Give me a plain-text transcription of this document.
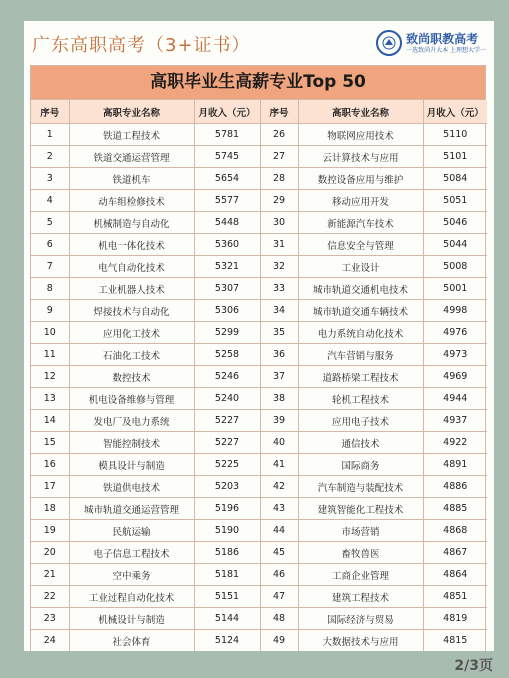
广东高职高考（3+证书）	致尚职教高考
一选致尚升大本 上理想大学一
高职毕业生高薪专业Top 50
序号	高职专业名称	月收入（元）	序号	高职专业名称	月收入（元）
1	铁道工程技术	5781	26	物联网应用技术	5110
2	铁道交通运营管理	5745	27	云计算技术与应用	5101
3	铁道机车	5654	28	数控设备应用与维护	5084
4	动车组检修技术	5577	29	移动应用开发	5051
5	机械制造与自动化	5448	30	新能源汽车技术	5046
6	机电一体化技术	5360	31	信息安全与管理	5044
7	电气自动化技术	5321	32	工业设计	5008
8	工业机器人技术	5307	33	城市轨道交通机电技术	5001
9	焊接技术与自动化	5306	34	城市轨道交通车辆技术	4998
10	应用化工技术	5299	35	电力系统自动化技术	4976
11	石油化工技术	5258	36	汽车营销与服务	4973
12	数控技术	5246	37	道路桥梁工程技术	4969
13	机电设备维修与管理	5240	38	轮机工程技术	4944
14	发电厂及电力系统	5227	39	应用电子技术	4937
15	智能控制技术	5227	40	通信技术	4922
16	模具设计与制造	5225	41	国际商务	4891
17	铁道供电技术	5203	42	汽车制造与装配技术	4886
18	城市轨道交通运营管理	5196	43	建筑智能化工程技术	4885
19	民航运输	5190	44	市场营销	4868
20	电子信息工程技术	5186	45	畜牧兽医	4867
21	空中乘务	5181	46	工商企业管理	4864
22	工业过程自动化技术	5151	47	建筑工程技术	4851
23	机械设计与制造	5144	48	国际经济与贸易	4819
24	社会体育	5124	49	大数据技术与应用	4815

2/3页
